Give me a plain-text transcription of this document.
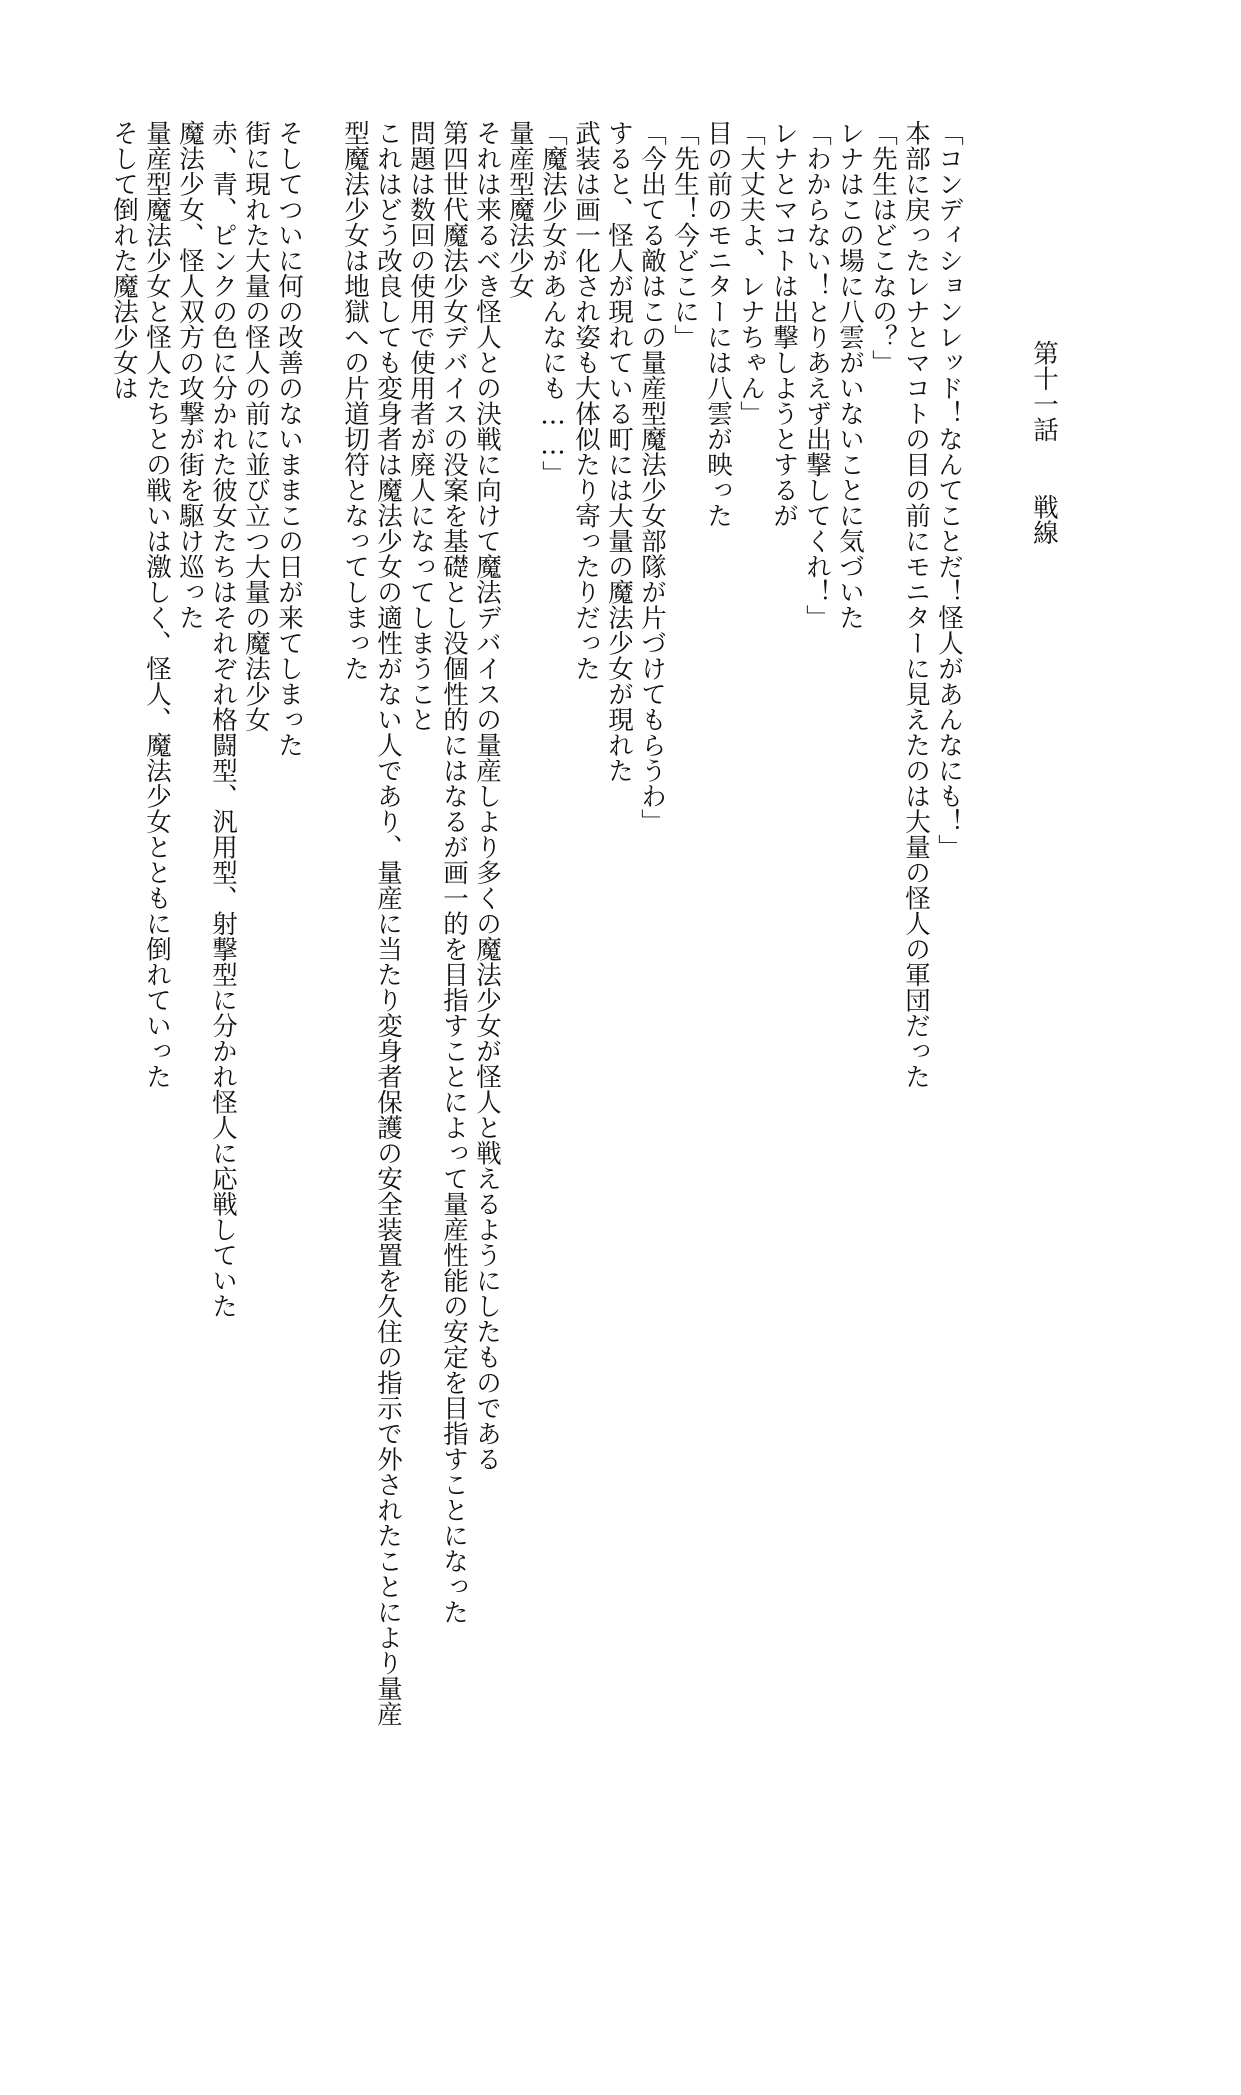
第十一話戦線
「コンディションレッド！なんてことだ！怪人があんなにも！」
本部に戻ったレナとマコトの目の前にモニターに見えたのは大量の怪人の軍団だった
「先生はどこなの？」
レナはこの場に八雲がいないことに気づいた
「わからない！とりあえず出撃してくれ！」
レナとマコトは出撃しようとするが
「大丈夫よ、レナちゃん」
目の前のモニターには八雲が映った
「先生！今どこに」
「今出てる敵はこの量産型魔法少女部隊が片づけてもらうわ」
すると、怪人が現れている町には大量の魔法少女が現れた
武装は画一化され姿も大体似たり寄ったりだった
「魔法少女があんなにも……」
量産型魔法少女
それは来るべき怪人との決戦に向けて魔法デバイスの量産しより多くの魔法少女が怪人と戦えるようにしたものである
第四世代魔法少女デバイスの没案を基礎とし没個性的にはなるが画一的を目指すことによって量産性能の安定を目指すことになった
問題は数回の使用で使用者が廃人になってしまうこと
これはどう改良しても変身者は魔法少女の適性がない人であり、量産に当たり変身者保護の安全装置を久住の指示で外されたことにより量産
型魔法少女は地獄への片道切符となってしまった
そしてついに何の改善のないままこの日が来てしまった
街に現れた大量の怪人の前に並び立つ大量の魔法少女
赤、青、ピンクの色に分かれた彼女たちはそれぞれ格闘型、汎用型、射撃型に分かれ怪人に応戦していた
魔法少女、怪人双方の攻撃が街を駆け巡った
量産型魔法少女と怪人たちとの戦いは激しく、怪人、魔法少女とともに倒れていった
そして倒れた魔法少女は
